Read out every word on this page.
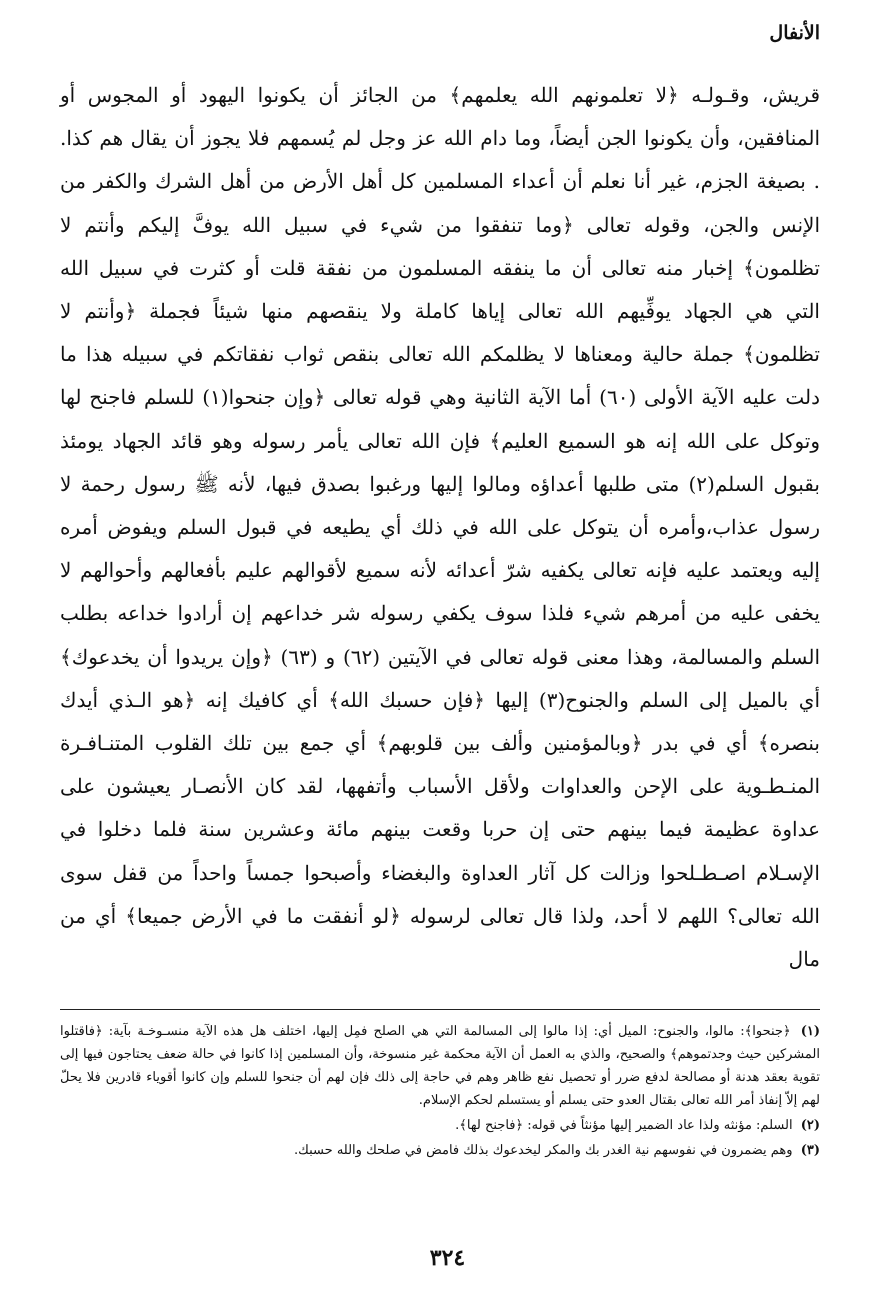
الأنفال

قريش، وقـولـه ﴿لا تعلمونهم الله يعلمهم﴾ من الجائز أن يكونوا اليهود أو المجوس أو المنافقين، وأن يكونوا الجن أيضاً، وما دام الله عز وجل لم يُسمهم فلا يجوز أن يقال هم كذا. . بصيغة الجزم، غير أنا نعلم أن أعداء المسلمين كل أهل الأرض من أهل الشرك والكفر من الإنس والجن، وقوله تعالى ﴿وما تنفقوا من شيء في سبيل الله يوفَّ إليكم وأنتم لا تظلمون﴾ إخبار منه تعالى أن ما ينفقه المسلمون من نفقة قلت أو كثرت في سبيل الله التي هي الجهاد يوفِّيهم الله تعالى إياها كاملة ولا ينقصهم منها شيئاً فجملة ﴿وأنتم لا تظلمون﴾ جملة حالية ومعناها لا يظلمكم الله تعالى بنقص ثواب نفقاتكم في سبيله هذا ما دلت عليه الآية الأولى (٦٠) أما الآية الثانية وهي قوله تعالى ﴿وإن جنحوا(١) للسلم فاجنح لها وتوكل على الله إنه هو السميع العليم﴾ فإن الله تعالى يأمر رسوله وهو قائد الجهاد يومئذ بقبول السلم(٢) متى طلبها أعداؤه ومالوا إليها ورغبوا بصدق فيها، لأنه ﷺ رسول رحمة لا رسول عذاب،وأمره أن يتوكل على الله في ذلك أي يطيعه في قبول السلم ويفوض أمره إليه ويعتمد عليه فإنه تعالى يكفيه شرّ أعدائه لأنه سميع لأقوالهم عليم بأفعالهم وأحوالهم لا يخفى عليه من أمرهم شيء فلذا سوف يكفي رسوله شر خداعهم إن أرادوا خداعه بطلب السلم والمسالمة، وهذا معنى قوله تعالى في الآيتين (٦٢) و (٦٣) ﴿وإن يريدوا أن يخدعوك﴾ أي بالميل إلى السلم والجنوح(٣) إليها ﴿فإن حسبك الله﴾ أي كافيك إنه ﴿هو الـذي أيدك بنصره﴾ أي في بدر ﴿وبالمؤمنين وألف بين قلوبهم﴾ أي جمع بين تلك القلوب المتنـافـرة المنـطـوية على الإحن والعداوات ولأقل الأسباب وأتفهها، لقد كان الأنصـار يعيشون على عداوة عظيمة فيما بينهم حتى إن حربا وقعت بينهم مائة وعشرين سنة فلما دخلوا في الإسـلام اصـطـلحوا وزالت كل آثار العداوة والبغضاء وأصبحوا جمساً واحداً من قفل سوى الله تعالى؟ اللهم لا أحد، ولذا قال تعالى لرسوله ﴿لو أنفقت ما في الأرض جميعا﴾ أي من مال

(١) ﴿جنحوا﴾: مالوا، والجنوح: الميل أي: إذا مالوا إلى المسالمة التي هي الصلح فمِل إليها، اختلف هل هذه الآية منسـوخـة بآية: ﴿فاقتلوا المشركين حيث وجدتموهم﴾ والصحيح، والذي به العمل أن الآية محكمة غير منسوخة، وأن المسلمين إذا كانوا في حالة ضعف يحتاجون فيها إلى تقوية بعقد هدنة أو مصالحة لدفع ضرر أو تحصيل نفع ظاهر وهم في حاجة إلى ذلك فإن لهم أن جنحوا للسلم وإن كانوا أقوياء قادرين فلا يحلّ لهم إلاّ إنفاذ أمر الله تعالى بقتال العدو حتى يسلم أو يستسلم لحكم الإسلام.

(٢) السلم: مؤنثه ولذا عاد الضمير إليها مؤنثاً في قوله: ﴿فاجنح لها﴾.

(٣) وهم يضمرون في نفوسهم نية الغدر بك والمكر ليخدعوك بذلك فامض في صلحك والله حسبك.

٣٢٤
